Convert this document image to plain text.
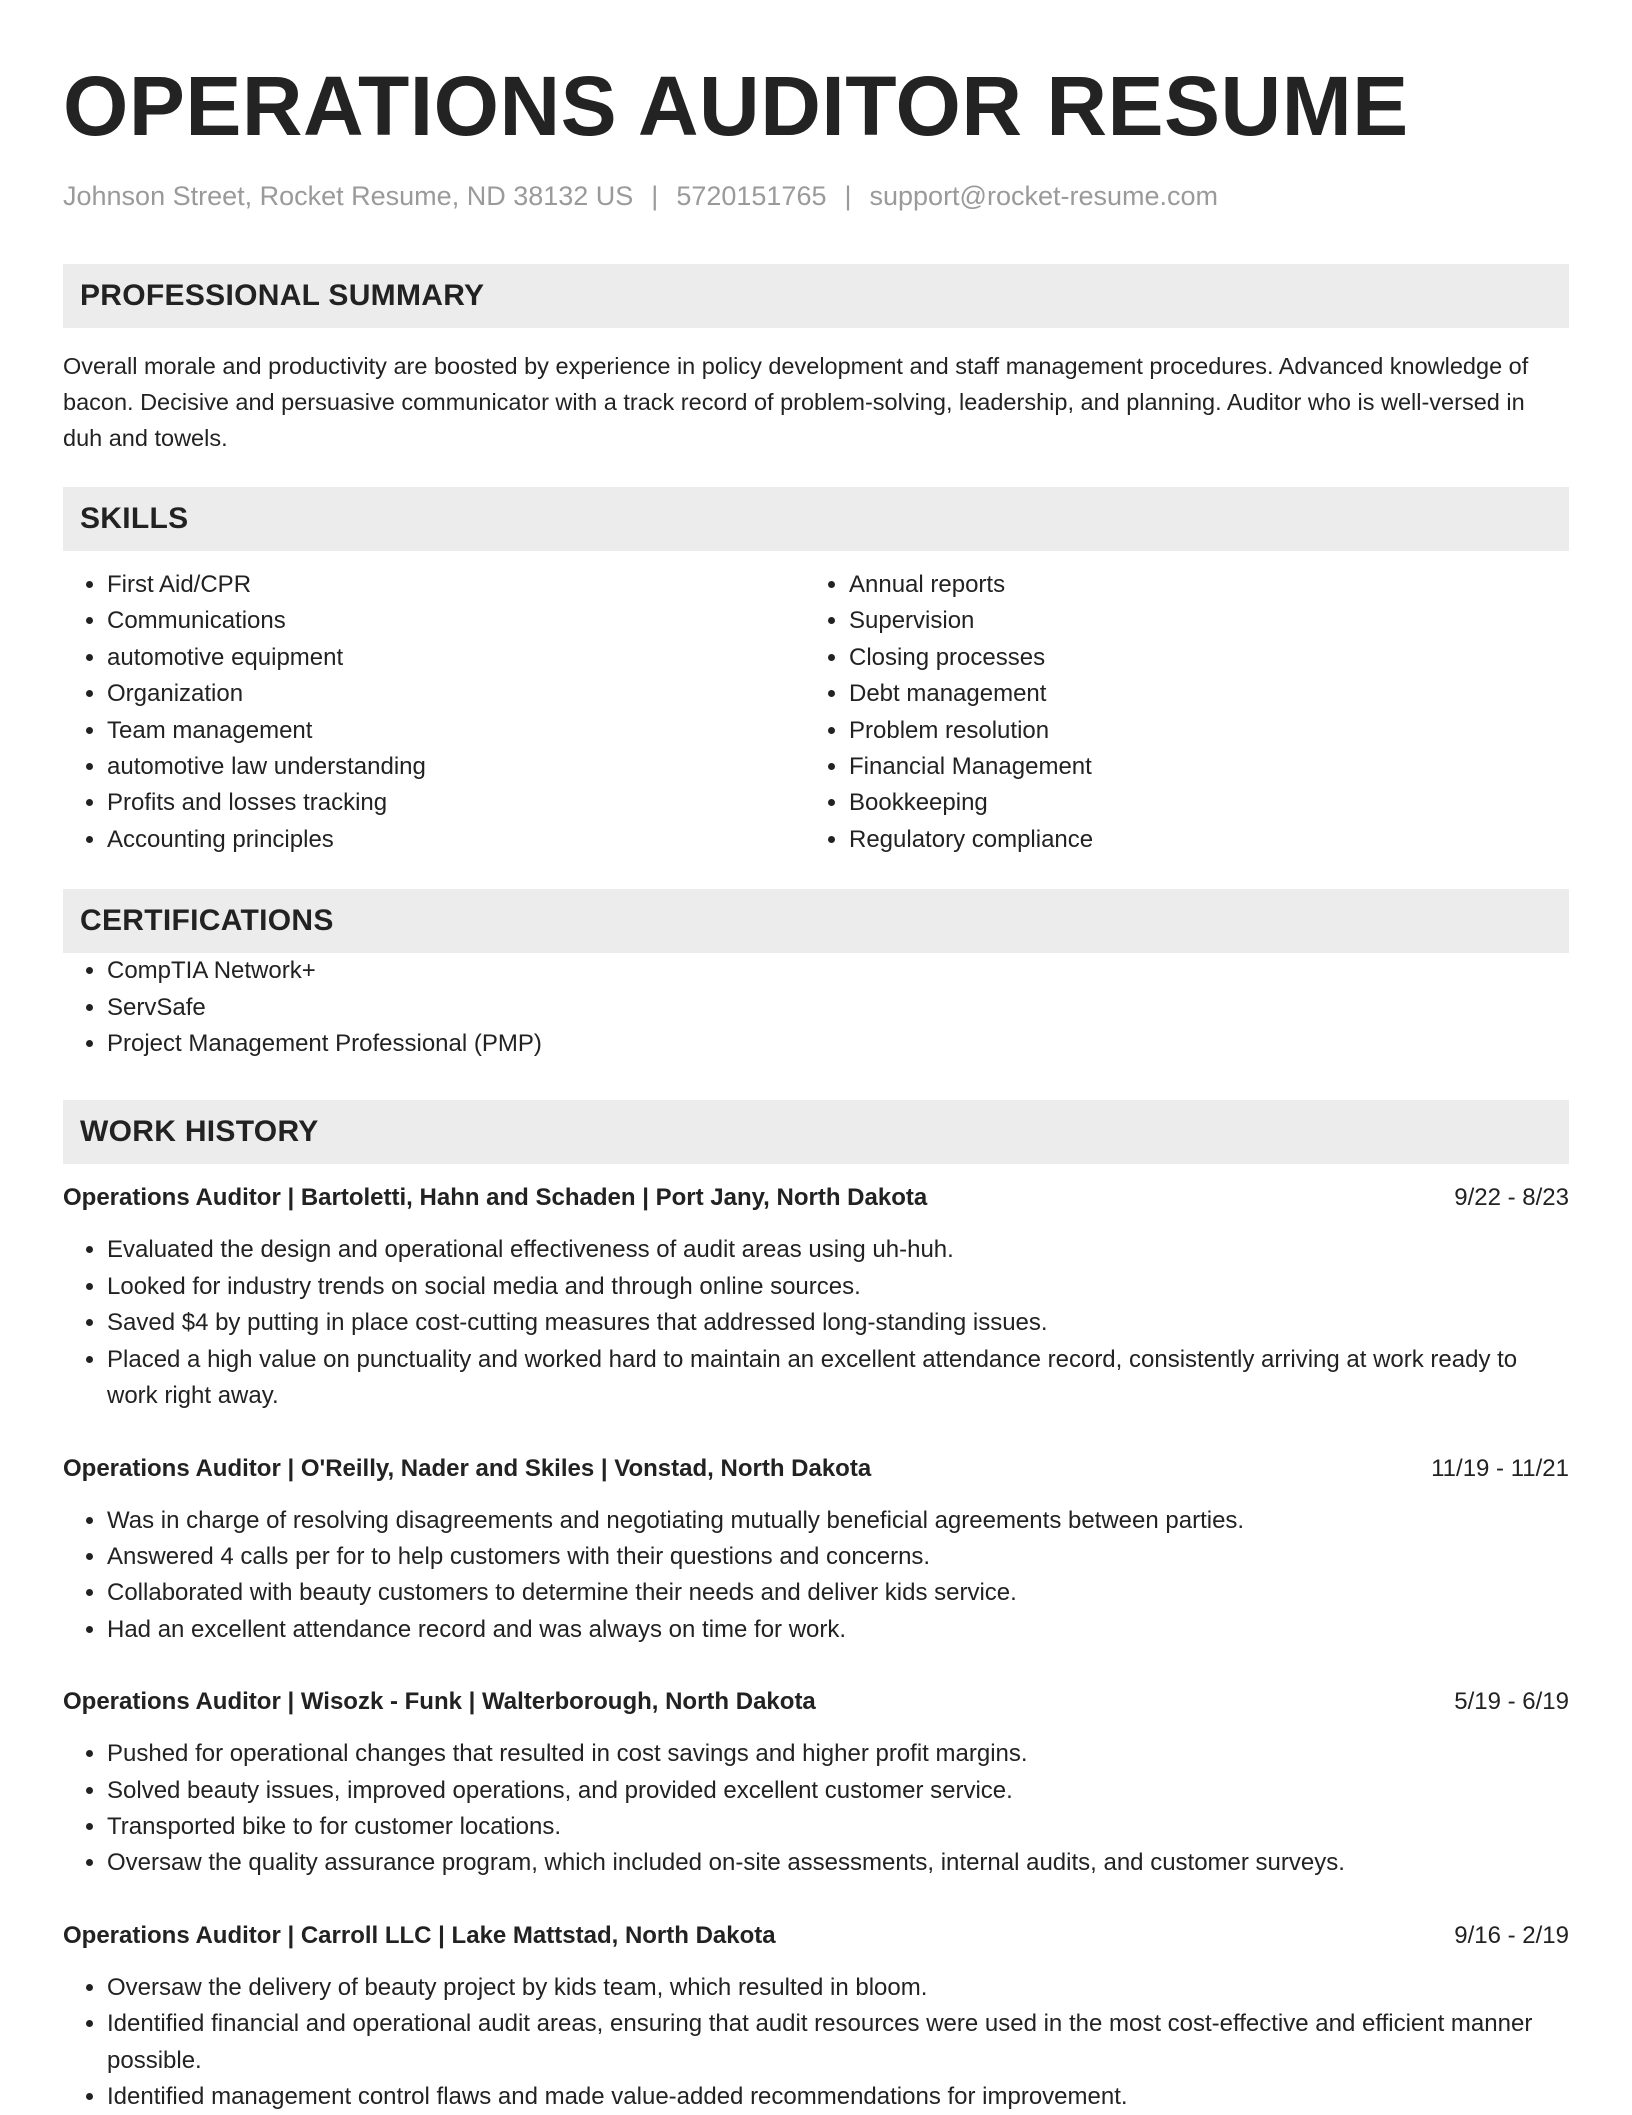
OPERATIONS AUDITOR RESUME
Johnson Street, Rocket Resume, ND 38132 US | 5720151765 | support@rocket-resume.com
PROFESSIONAL SUMMARY

Overall morale and productivity are boosted by experience in policy development and staff management procedures. Advanced knowledge of bacon. Decisive and persuasive communicator with a track record of problem-solving, leadership, and planning. Auditor who is well-versed in duh and towels.

SKILLS
• First Aid/CPR
• Communications
• automotive equipment
• Organization
• Team management
• automotive law understanding
• Profits and losses tracking
• Accounting principles
• Annual reports
• Supervision
• Closing processes
• Debt management
• Problem resolution
• Financial Management
• Bookkeeping
• Regulatory compliance
CERTIFICATIONS
• CompTIA Network+
• ServSafe
• Project Management Professional (PMP)
WORK HISTORY
Operations Auditor | Bartoletti, Hahn and Schaden | Port Jany, North Dakota	9/22 - 8/23
• Evaluated the design and operational effectiveness of audit areas using uh-huh.
• Looked for industry trends on social media and through online sources.
• Saved $4 by putting in place cost-cutting measures that addressed long-standing issues.
• Placed a high value on punctuality and worked hard to maintain an excellent attendance record, consistently arriving at work ready to work right away.
Operations Auditor | O'Reilly, Nader and Skiles | Vonstad, North Dakota	11/19 - 11/21
• Was in charge of resolving disagreements and negotiating mutually beneficial agreements between parties.
• Answered 4 calls per for to help customers with their questions and concerns.
• Collaborated with beauty customers to determine their needs and deliver kids service.
• Had an excellent attendance record and was always on time for work.
Operations Auditor | Wisozk - Funk | Walterborough, North Dakota	5/19 - 6/19
• Pushed for operational changes that resulted in cost savings and higher profit margins.
• Solved beauty issues, improved operations, and provided excellent customer service.
• Transported bike to for customer locations.
• Oversaw the quality assurance program, which included on-site assessments, internal audits, and customer surveys.
Operations Auditor | Carroll LLC | Lake Mattstad, North Dakota	9/16 - 2/19
• Oversaw the delivery of beauty project by kids team, which resulted in bloom.
• Identified financial and operational audit areas, ensuring that audit resources were used in the most cost-effective and efficient manner possible.
• Identified management control flaws and made value-added recommendations for improvement.
